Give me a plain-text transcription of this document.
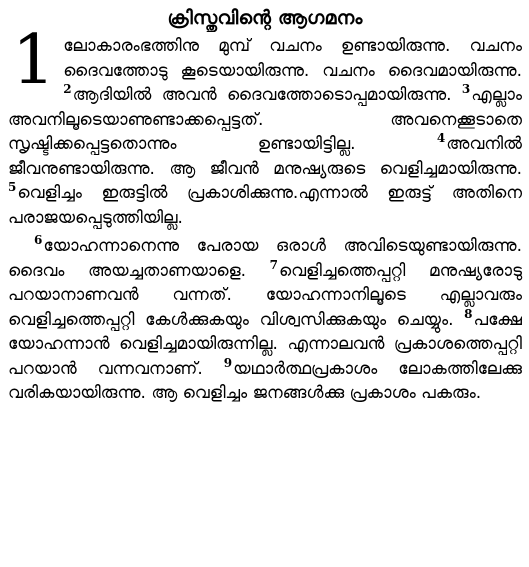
ക്രിസ്തുവിന്റെ ആഗമനം
1 ലോകാരംഭത്തിനു മുമ്പ് വചനം ഉണ്ടായിരുന്നു. വചനം ദൈവത്തോടു കൂടെയായിരുന്നു. വചനം ദൈവമായിരുന്നു. $^2$ആദിയിൽ അവൻ ദൈവത്തോടൊപ്പമായിരുന്നു. $^3$എല്ലാം അവനിലൂടെയാണുണ്ടാക്കപ്പെട്ടത്. അവനെക്കൂടാതെ സൃഷ്ടിക്കപ്പെട്ടതൊന്നും ഉണ്ടായിട്ടില്ല. $^4$അവനിൽ ജീവനുണ്ടായിരുന്നു. ആ ജീവൻ മനുഷ്യരുടെ വെളിച്ചമായിരുന്നു. $^5$വെളിച്ചം ഇരുട്ടിൽ പ്രകാശിക്കുന്നു.എന്നാൽ ഇരുട്ട് അതിനെ പരാജയപ്പെടുത്തിയില്ല.

$^6$യോഹന്നാനെന്നു പേരായ ഒരാൾ അവിടെയുണ്ടായിരുന്നു. ദൈവം അയച്ചതാണയാളെ. $^7$വെളിച്ചത്തെപ്പറ്റി മനുഷ്യരോടു പറയാനാണവൻ വന്നത്. യോഹന്നാനിലൂടെ എല്ലാവരും വെളിച്ചത്തെപ്പറ്റി കേൾക്കുകയും വിശ്വസിക്കുകയും ചെയ്യും. $^8$പക്ഷേ യോഹന്നാൻ വെളിച്ചമായിരുന്നില്ല. എന്നാലവൻ പ്രകാശത്തെപ്പറ്റി പറയാൻ വന്നവനാണ്. $^9$യഥാർത്ഥപ്രകാശം ലോകത്തിലേക്കു വരികയായിരുന്നു. ആ വെളിച്ചം ജനങ്ങൾക്കു പ്രകാശം പകരും.
